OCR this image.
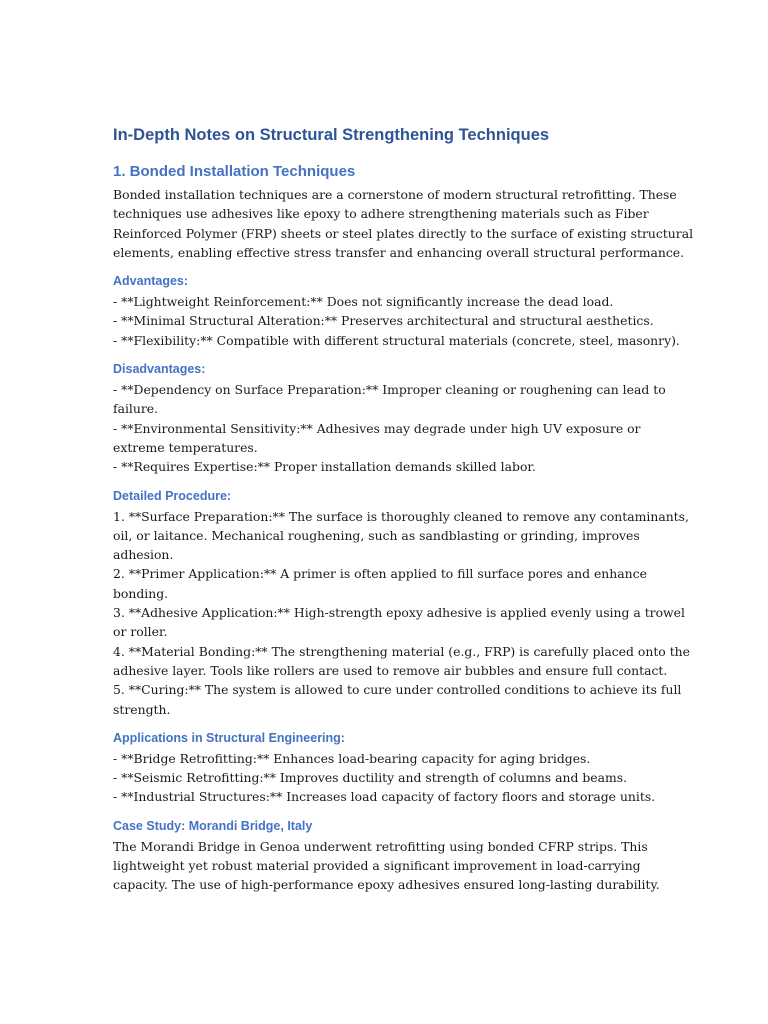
In-Depth Notes on Structural Strengthening Techniques
1. Bonded Installation Techniques
Bonded installation techniques are a cornerstone of modern structural retrofitting. These
techniques use adhesives like epoxy to adhere strengthening materials such as Fiber
Reinforced Polymer (FRP) sheets or steel plates directly to the surface of existing structural
elements, enabling effective stress transfer and enhancing overall structural performance.
Advantages:
- **Lightweight Reinforcement:** Does not significantly increase the dead load.
- **Minimal Structural Alteration:** Preserves architectural and structural aesthetics.
- **Flexibility:** Compatible with different structural materials (concrete, steel, masonry).
Disadvantages:
- **Dependency on Surface Preparation:** Improper cleaning or roughening can lead to
failure.
- **Environmental Sensitivity:** Adhesives may degrade under high UV exposure or
extreme temperatures.
- **Requires Expertise:** Proper installation demands skilled labor.
Detailed Procedure:
1. **Surface Preparation:** The surface is thoroughly cleaned to remove any contaminants,
oil, or laitance. Mechanical roughening, such as sandblasting or grinding, improves
adhesion.
2. **Primer Application:** A primer is often applied to fill surface pores and enhance
bonding.
3. **Adhesive Application:** High-strength epoxy adhesive is applied evenly using a trowel
or roller.
4. **Material Bonding:** The strengthening material (e.g., FRP) is carefully placed onto the
adhesive layer. Tools like rollers are used to remove air bubbles and ensure full contact.
5. **Curing:** The system is allowed to cure under controlled conditions to achieve its full
strength.
Applications in Structural Engineering:
- **Bridge Retrofitting:** Enhances load-bearing capacity for aging bridges.
- **Seismic Retrofitting:** Improves ductility and strength of columns and beams.
- **Industrial Structures:** Increases load capacity of factory floors and storage units.
Case Study: Morandi Bridge, Italy
The Morandi Bridge in Genoa underwent retrofitting using bonded CFRP strips. This
lightweight yet robust material provided a significant improvement in load-carrying
capacity. The use of high-performance epoxy adhesives ensured long-lasting durability.
